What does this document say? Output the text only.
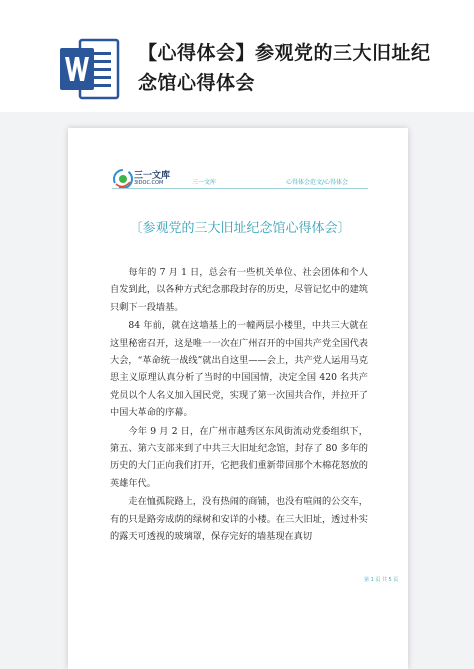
【心得体会】参观党的三大旧址纪念馆心得体会
三一文库
3IDOC.COM	三一文库	心得体会范文/心得体会
〔参观党的三大旧址纪念馆心得体会〕

每年的 7 月 1 日，总会有一些机关单位、社会团体和个人自发到此，以各种方式纪念那段封存的历史，尽管记忆中的建筑只剩下一段墙基。

84 年前，就在这墙基上的一幢两层小楼里，中共三大就在这里秘密召开，这是唯一一次在广州召开的中国共产党全国代表大会，“革命统一战线”就出自这里——会上，共产党人运用马克思主义原理认真分析了当时的中国国情，决定全国 420 名共产党员以个人名义加入国民党，实现了第一次国共合作，并拉开了中国大革命的序幕。

今年 9 月 2 日，在广州市越秀区东风街流动党委组织下，第五、第六支部来到了中共三大旧址纪念馆，封存了 80 多年的历史的大门正向我们打开，它把我们重新带回那个木棉花怒放的英雄年代。

走在恤孤院路上，没有热闹的商铺，也没有喧闹的公交车，有的只是路旁成荫的绿树和安详的小楼。在三大旧址，透过朴实的露天可透视的玻璃罩，保存完好的墙基现在真切

第 1 页 共 5 页
